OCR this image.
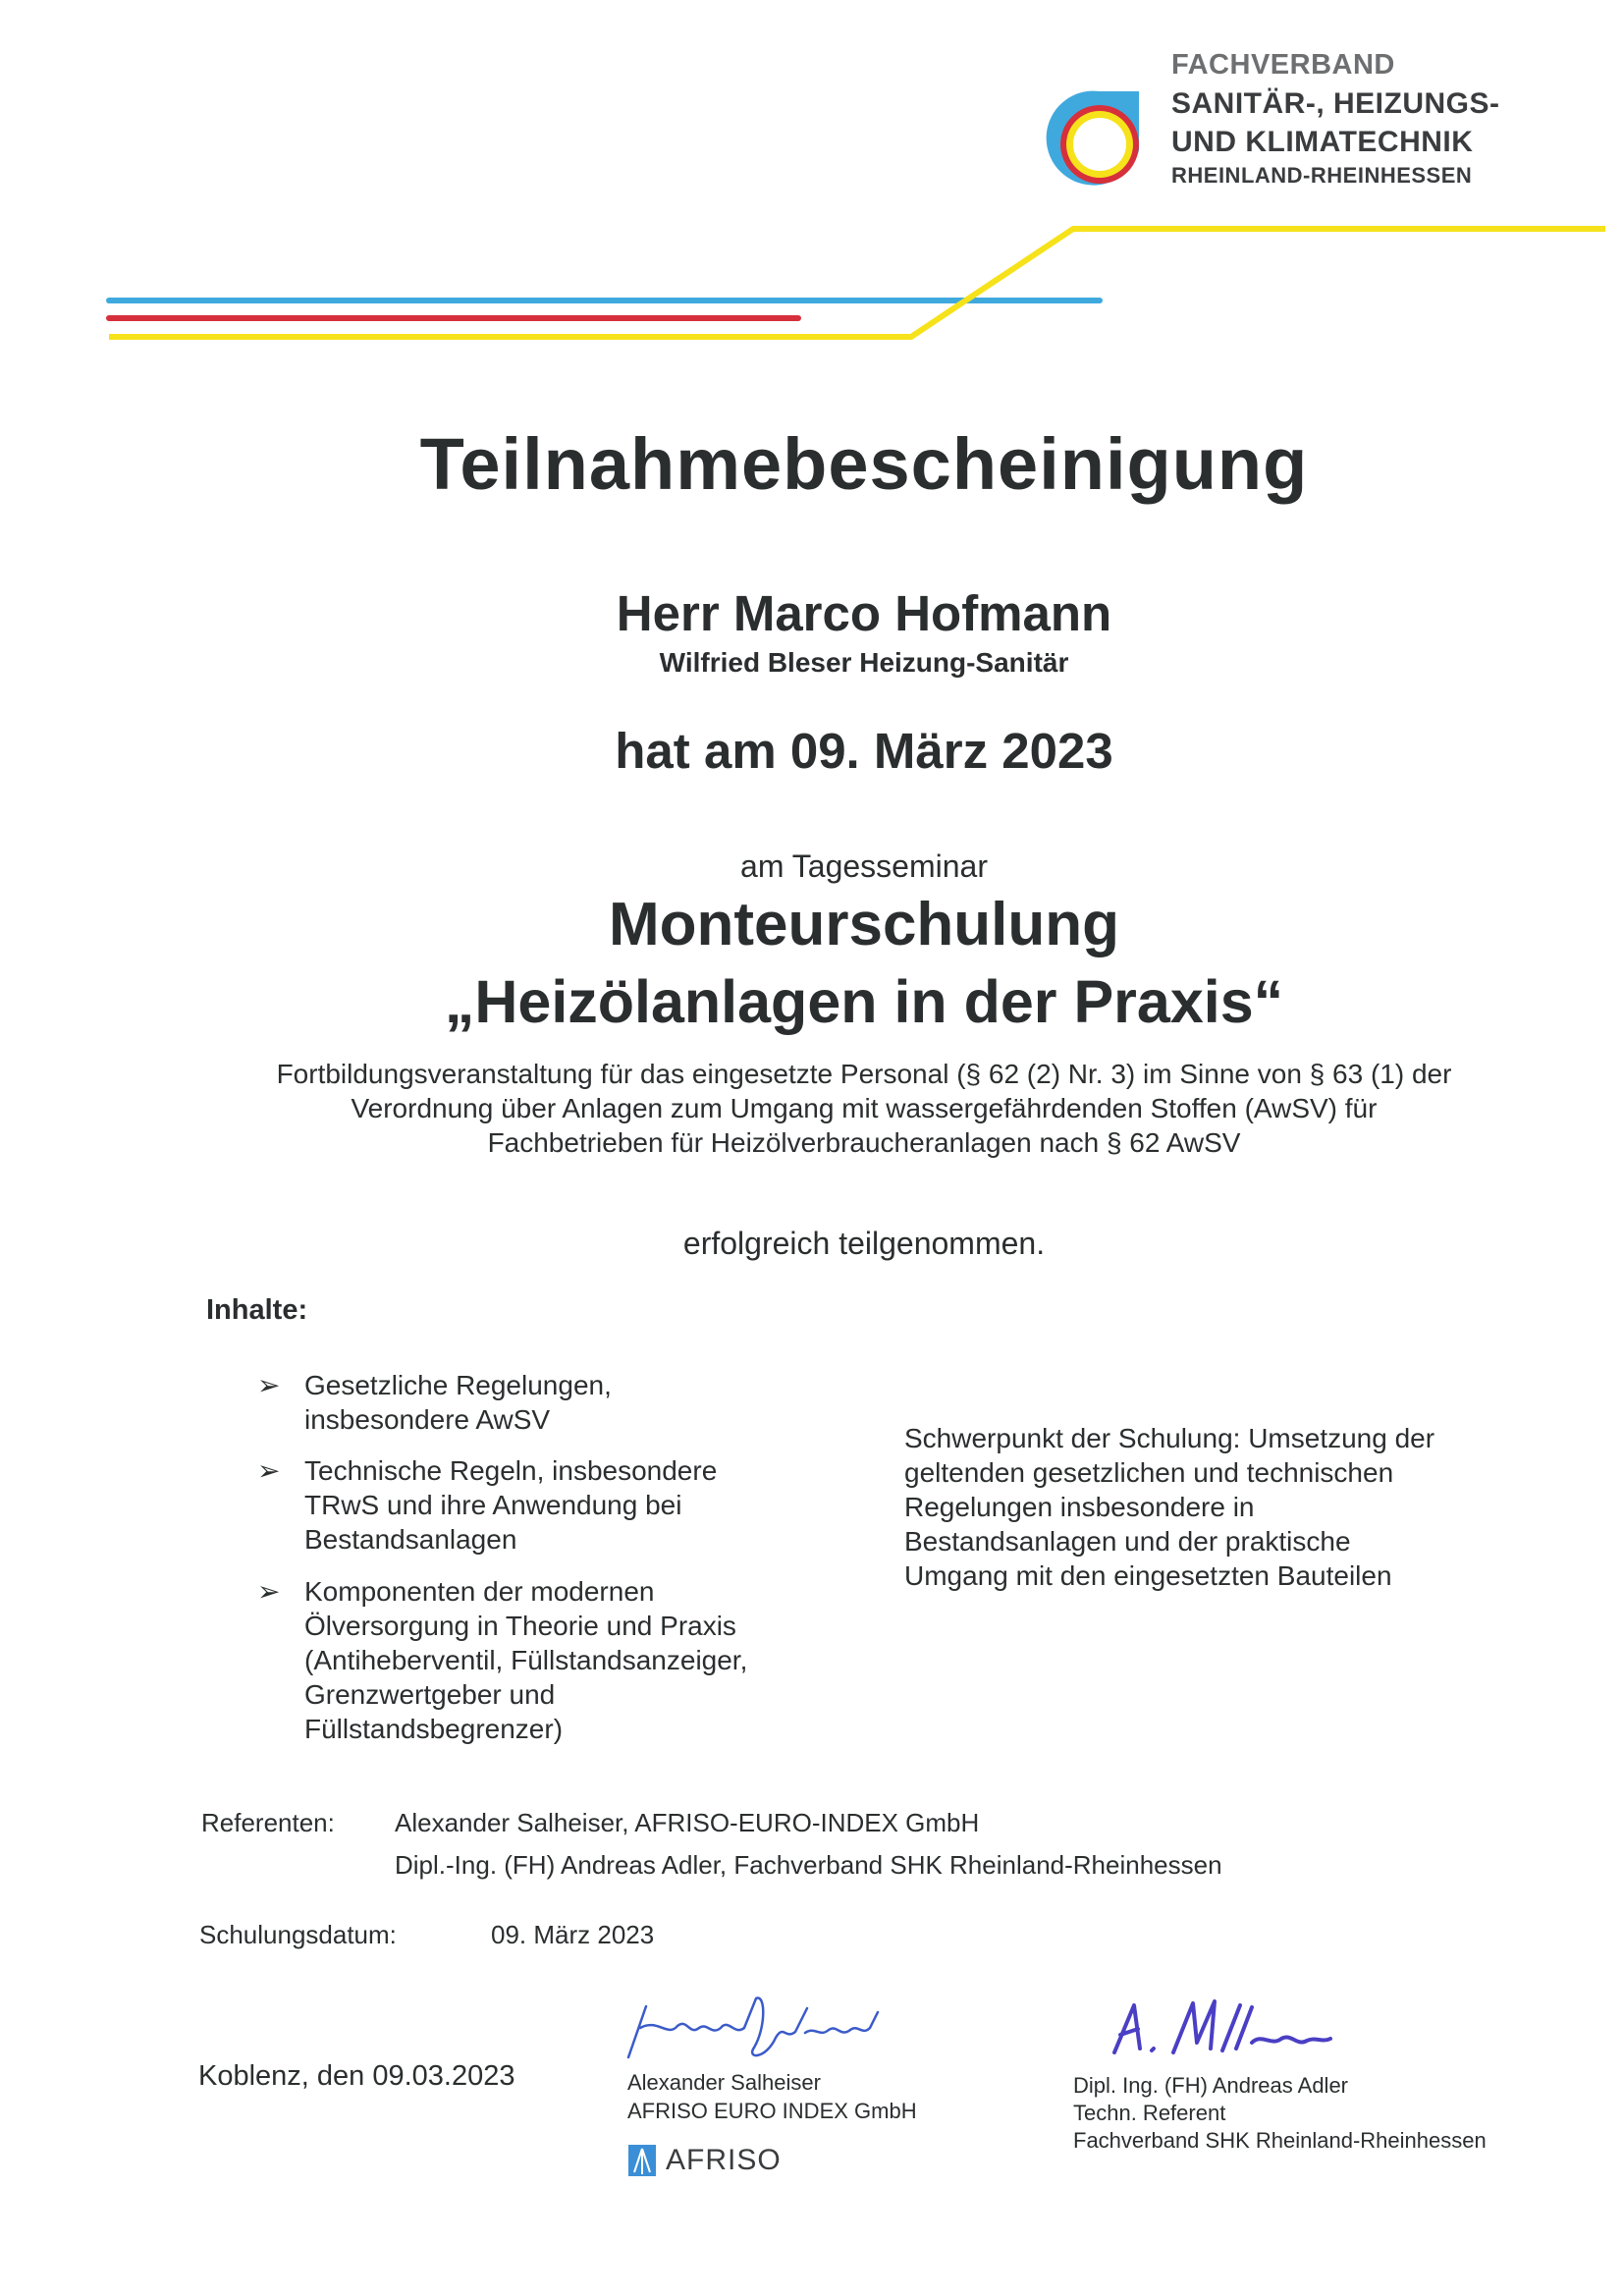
FACHVERBAND
SANITÄR-, HEIZUNGS-
UND KLIMATECHNIK
RHEINLAND-RHEINHESSEN
Teilnahmebescheinigung
Herr Marco Hofmann
Wilfried Bleser Heizung-Sanitär
hat am 09. März 2023
am Tagesseminar
Monteurschulung
„Heizölanlagen in der Praxis“
Fortbildungsveranstaltung für das eingesetzte Personal (§ 62 (2) Nr. 3) im Sinne von § 63 (1) der
Verordnung über Anlagen zum Umgang mit wassergefährdenden Stoffen (AwSV) für
Fachbetrieben für Heizölverbraucheranlagen nach § 62 AwSV
erfolgreich teilgenommen.
Inhalte:
➢ Gesetzliche Regelungen,
insbesondere AwSV
➢ Technische Regeln, insbesondere
TRwS und ihre Anwendung bei
Bestandsanlagen
➢ Komponenten der modernen
Ölversorgung in Theorie und Praxis
(Antiheberventil, Füllstandsanzeiger,
Grenzwertgeber und
Füllstandsbegrenzer)
Schwerpunkt der Schulung: Umsetzung der
geltenden gesetzlichen und technischen
Regelungen insbesondere in
Bestandsanlagen und der praktische
Umgang mit den eingesetzten Bauteilen
Referenten: Alexander Salheiser, AFRISO-EURO-INDEX GmbH
Dipl.-Ing. (FH) Andreas Adler, Fachverband SHK Rheinland-Rheinhessen
Schulungsdatum:	09. März 2023
Koblenz, den 09.03.2023	Alexander Salheiser
AFRISO EURO INDEX GmbH
AFRISO
Dipl. Ing. (FH) Andreas Adler
Techn. Referent
Fachverband SHK Rheinland-Rheinhessen
